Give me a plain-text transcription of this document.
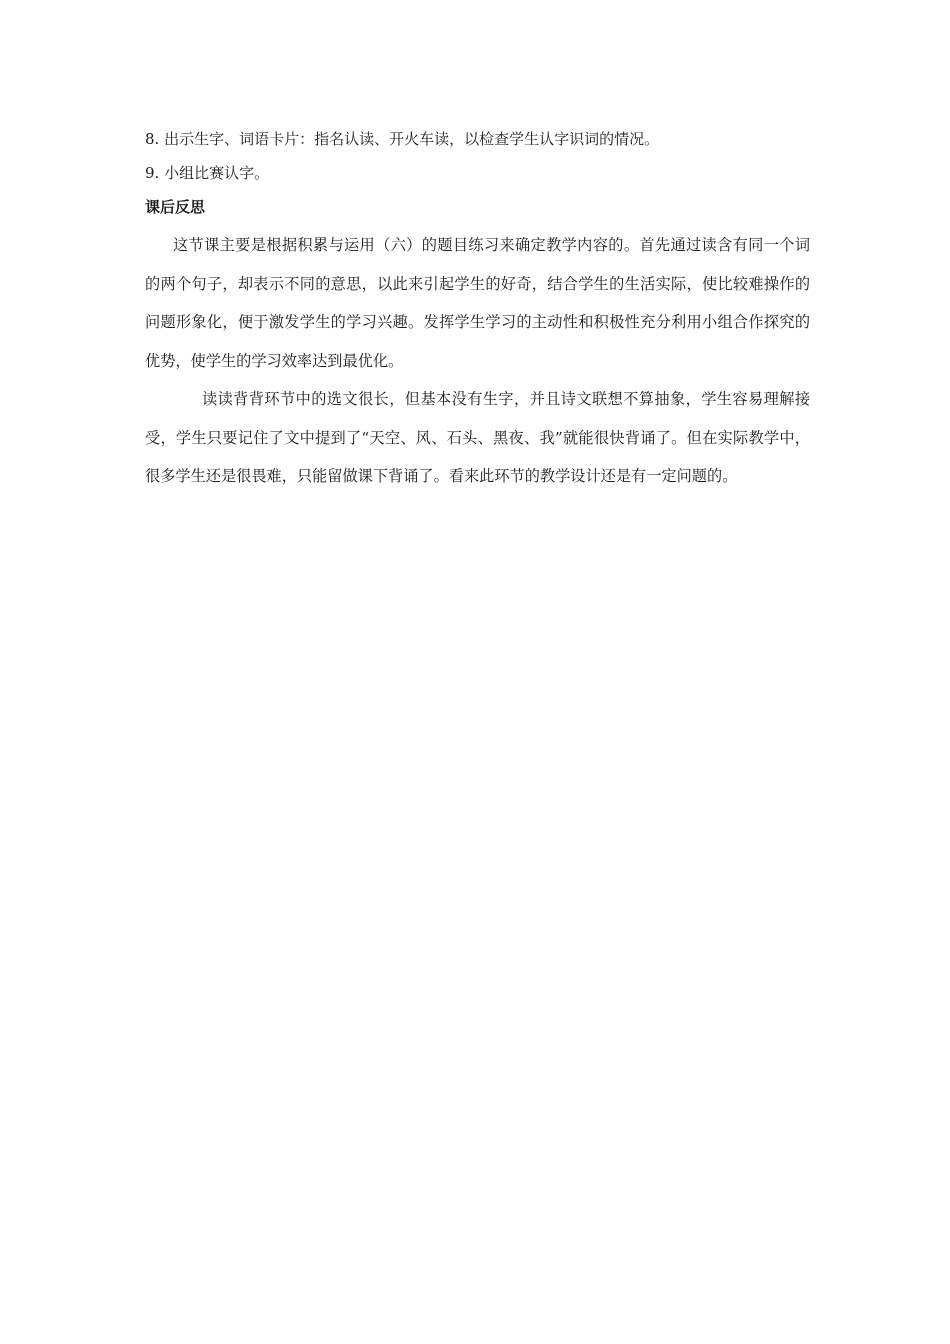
8. 出示生字、词语卡片：指名认读、开火车读，以检查学生认字识词的情况。
9. 小组比赛认字。
课后反思

这节课主要是根据积累与运用（六）的题目练习来确定教学内容的。首先通过读含有同一个词的两个句子，却表示不同的意思，以此来引起学生的好奇，结合学生的生活实际，使比较难操作的问题形象化，便于激发学生的学习兴趣。发挥学生学习的主动性和积极性充分利用小组合作探究的优势，使学生的学习效率达到最优化。

读读背背环节中的选文很长，但基本没有生字，并且诗文联想不算抽象，学生容易理解接受，学生只要记住了文中提到了“天空、风、石头、黑夜、我”就能很快背诵了。但在实际教学中，很多学生还是很畏难，只能留做课下背诵了。看来此环节的教学设计还是有一定问题的。
